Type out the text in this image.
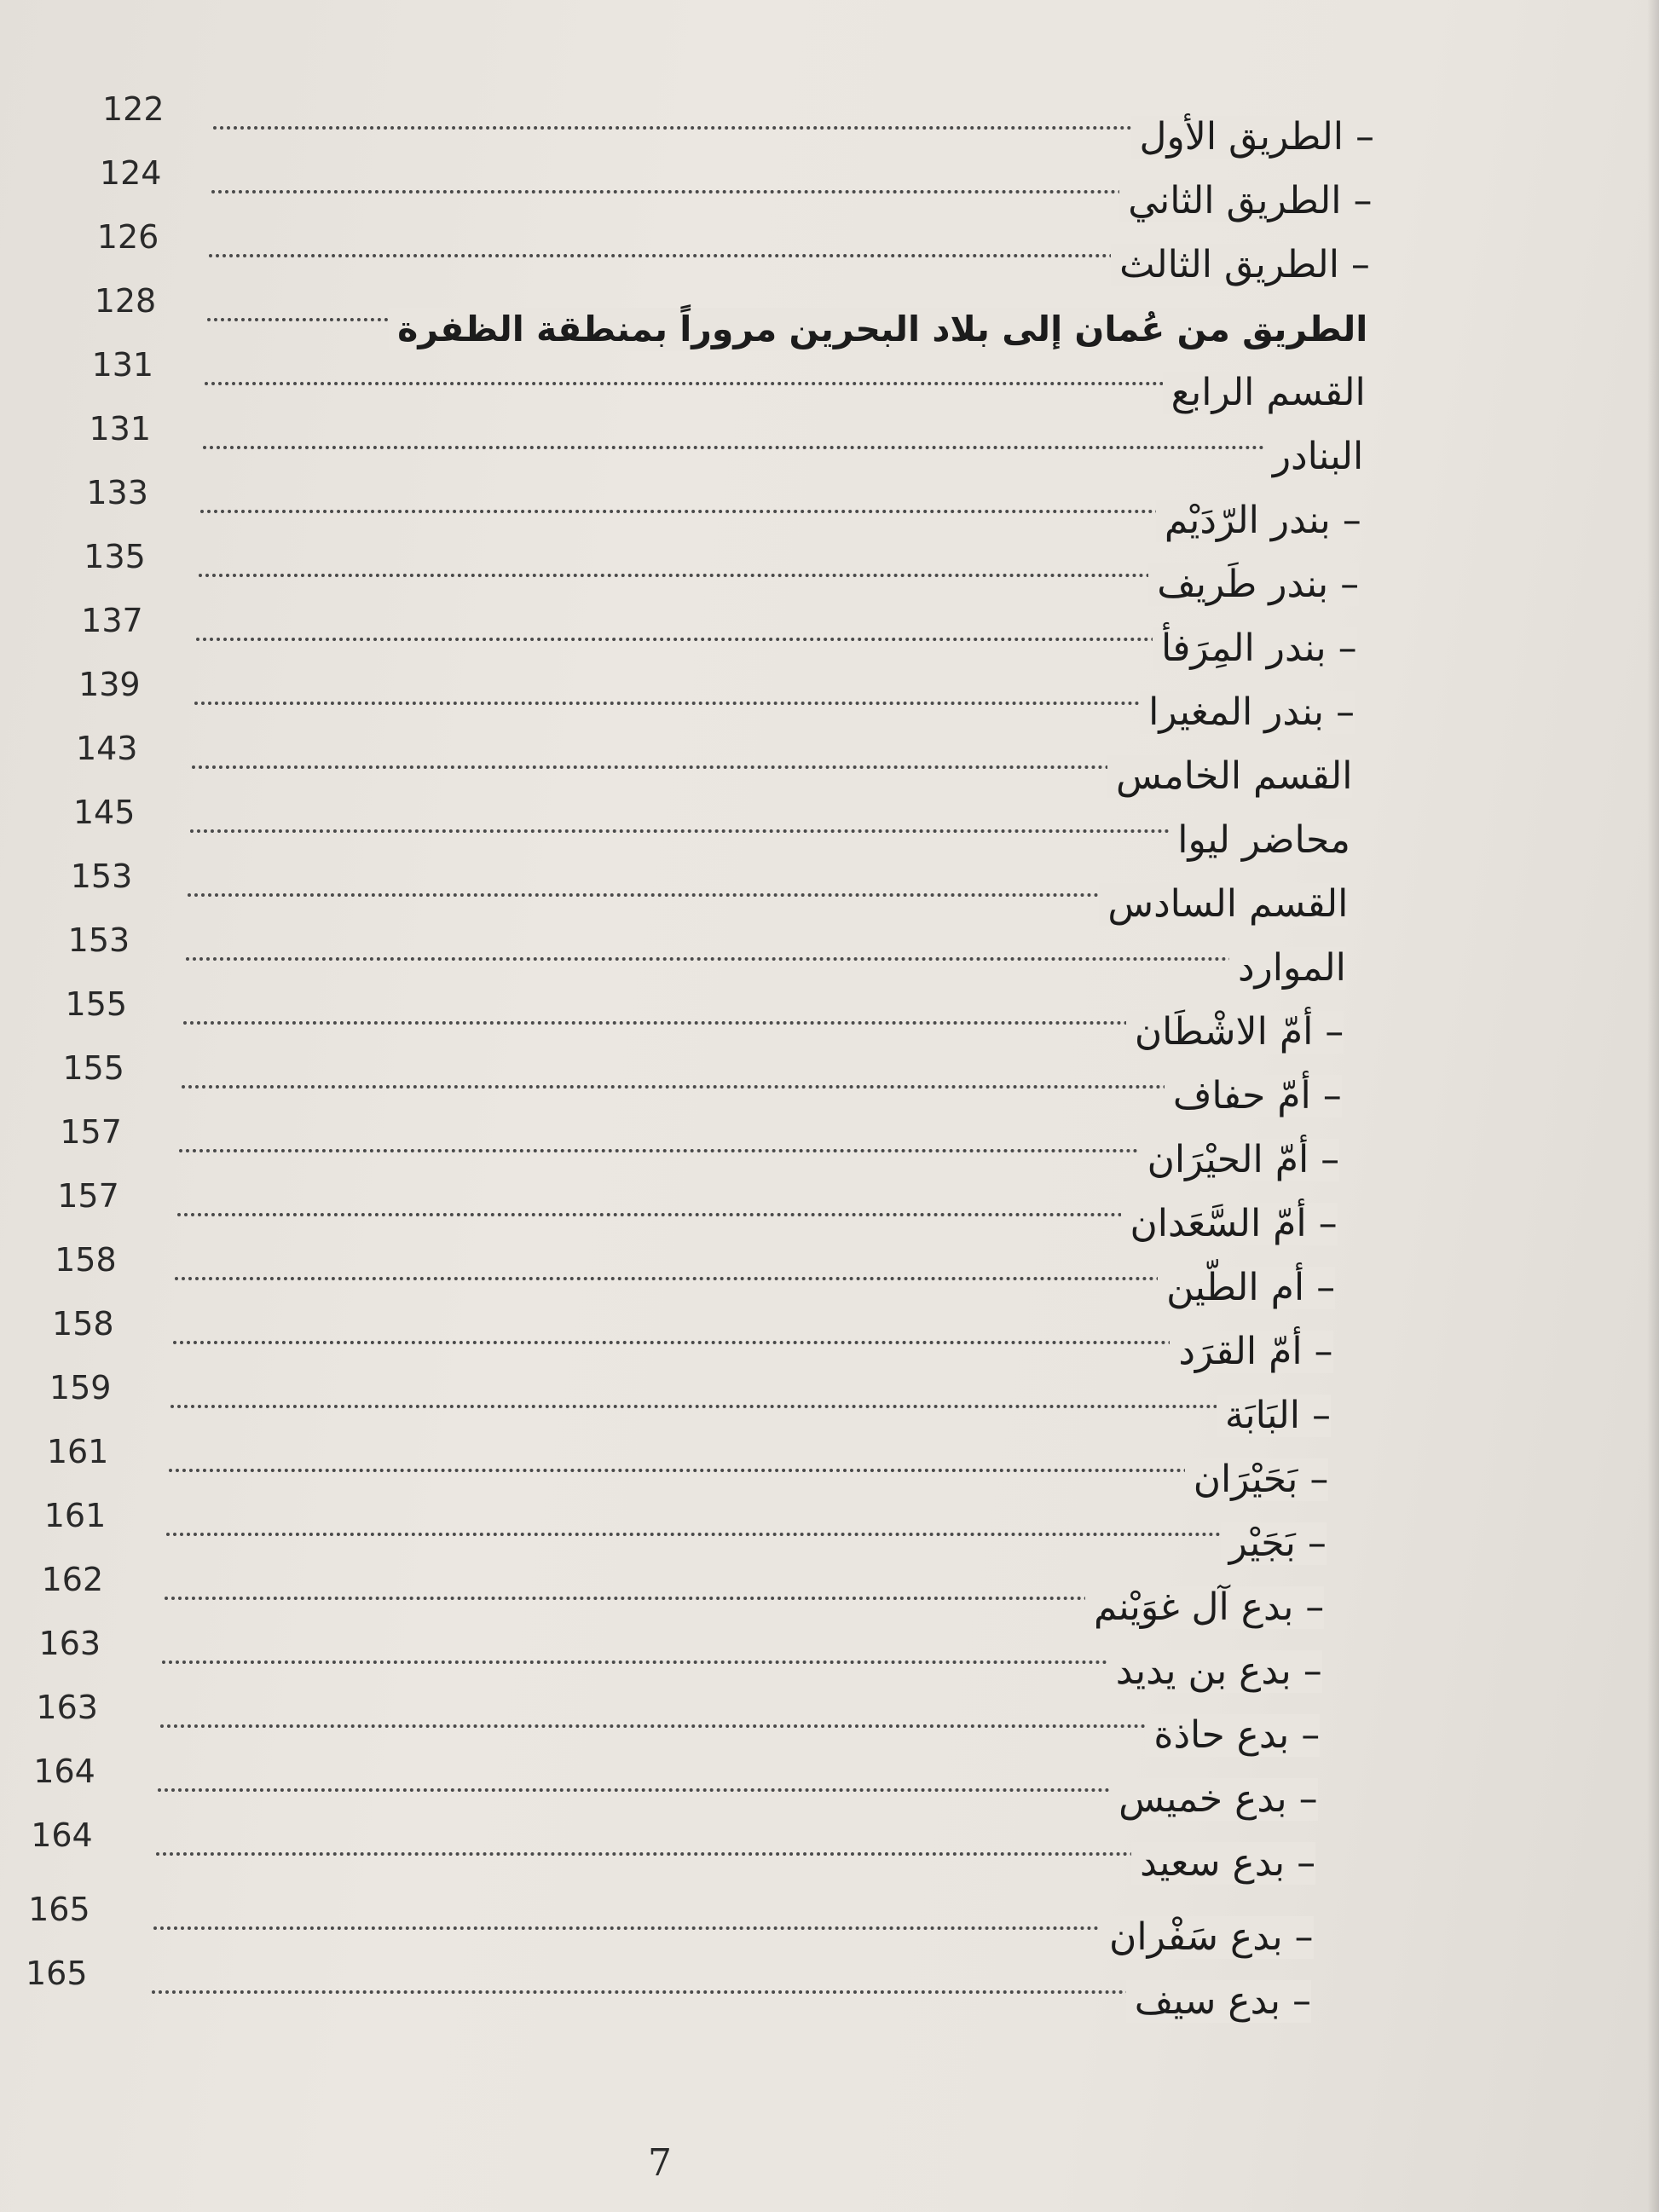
122
– الطريق الأول
124
– الطريق الثاني
126
– الطريق الثالث
128
الطريق من عُمان إلى بلاد البحرين مروراً بمنطقة الظفرة
131
القسم الرابع
131
البنادر
133
– بندر الرّدَيْم
135
– بندر طَريف
137
– بندر المِرَفأ
139
– بندر المغيرا
143
القسم الخامس
145
محاضر ليوا
153
القسم السادس
153
الموارد
155
– أمّ الاشْطَان
155
– أمّ حفاف
157
– أمّ الحيْرَان
157
– أمّ السَّعَدان
158
– أم الطّين
158
– أمّ القرَد
159
– البَابَة
161
– بَحَيْرَان
161
– بَجَيْر
162
– بدع آل غوَيْنم
163
– بدع بن يديد
163
– بدع حاذة
164
– بدع خميس
164
– بدع سعيد
165
– بدع سَفْران
165
– بدع سيف
7
